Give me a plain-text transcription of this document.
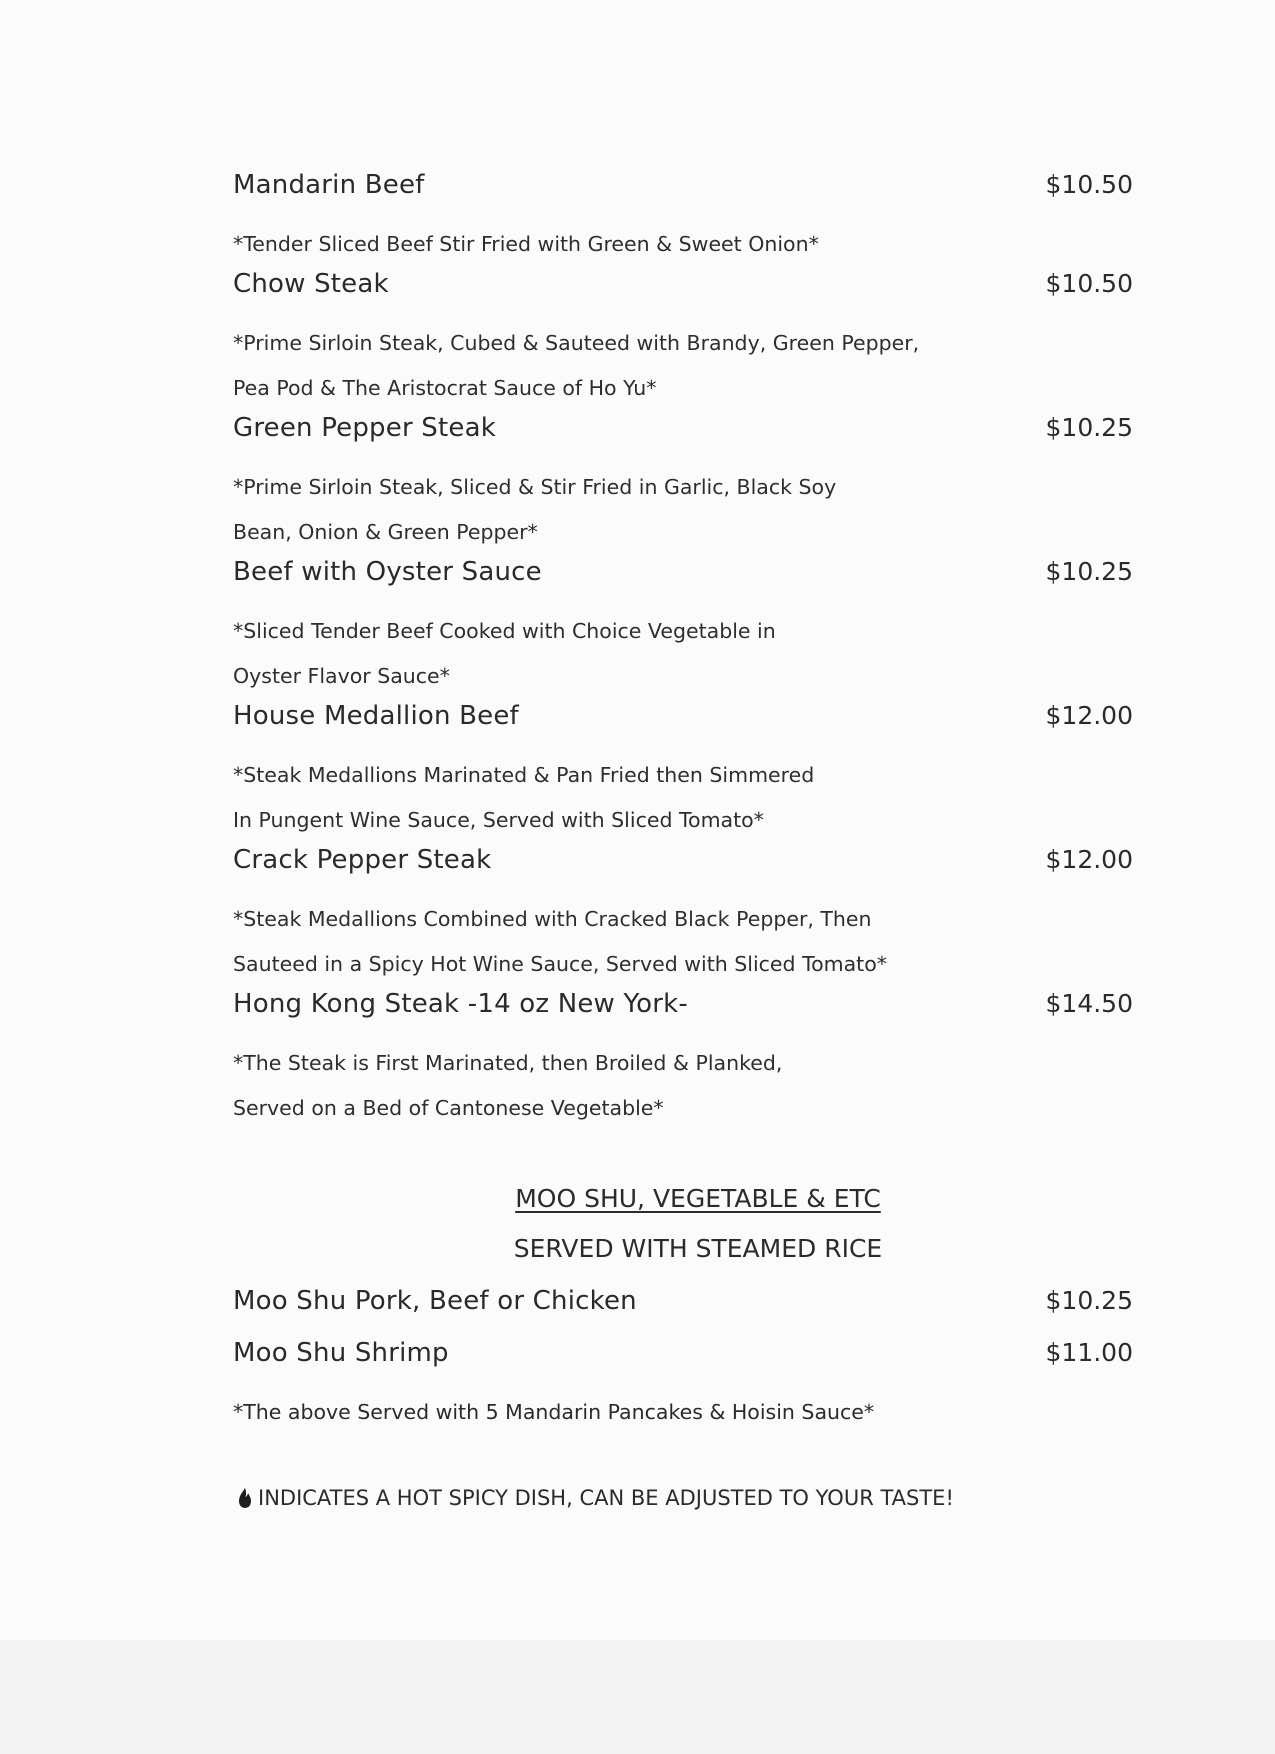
Mandarin Beef	$10.50
*Tender Sliced Beef Stir Fried with Green & Sweet Onion*
Chow Steak	$10.50
*Prime Sirloin Steak, Cubed & Sauteed with Brandy, Green Pepper,
Pea Pod & The Aristocrat Sauce of Ho Yu*
Green Pepper Steak	$10.25
*Prime Sirloin Steak, Sliced & Stir Fried in Garlic, Black Soy
Bean, Onion & Green Pepper*
Beef with Oyster Sauce	$10.25
*Sliced Tender Beef Cooked with Choice Vegetable in
Oyster Flavor Sauce*
House Medallion Beef	$12.00
*Steak Medallions Marinated & Pan Fried then Simmered
In Pungent Wine Sauce, Served with Sliced Tomato*
Crack Pepper Steak	$12.00
*Steak Medallions Combined with Cracked Black Pepper, Then
Sauteed in a Spicy Hot Wine Sauce, Served with Sliced Tomato*
Hong Kong Steak -14 oz New York-	$14.50
*The Steak is First Marinated, then Broiled & Planked,
Served on a Bed of Cantonese Vegetable*
MOO SHU, VEGETABLE & ETC
SERVED WITH STEAMED RICE
Moo Shu Pork, Beef or Chicken	$10.25
Moo Shu Shrimp	$11.00
*The above Served with 5 Mandarin Pancakes & Hoisin Sauce*
INDICATES A HOT SPICY DISH, CAN BE ADJUSTED TO YOUR TASTE!
